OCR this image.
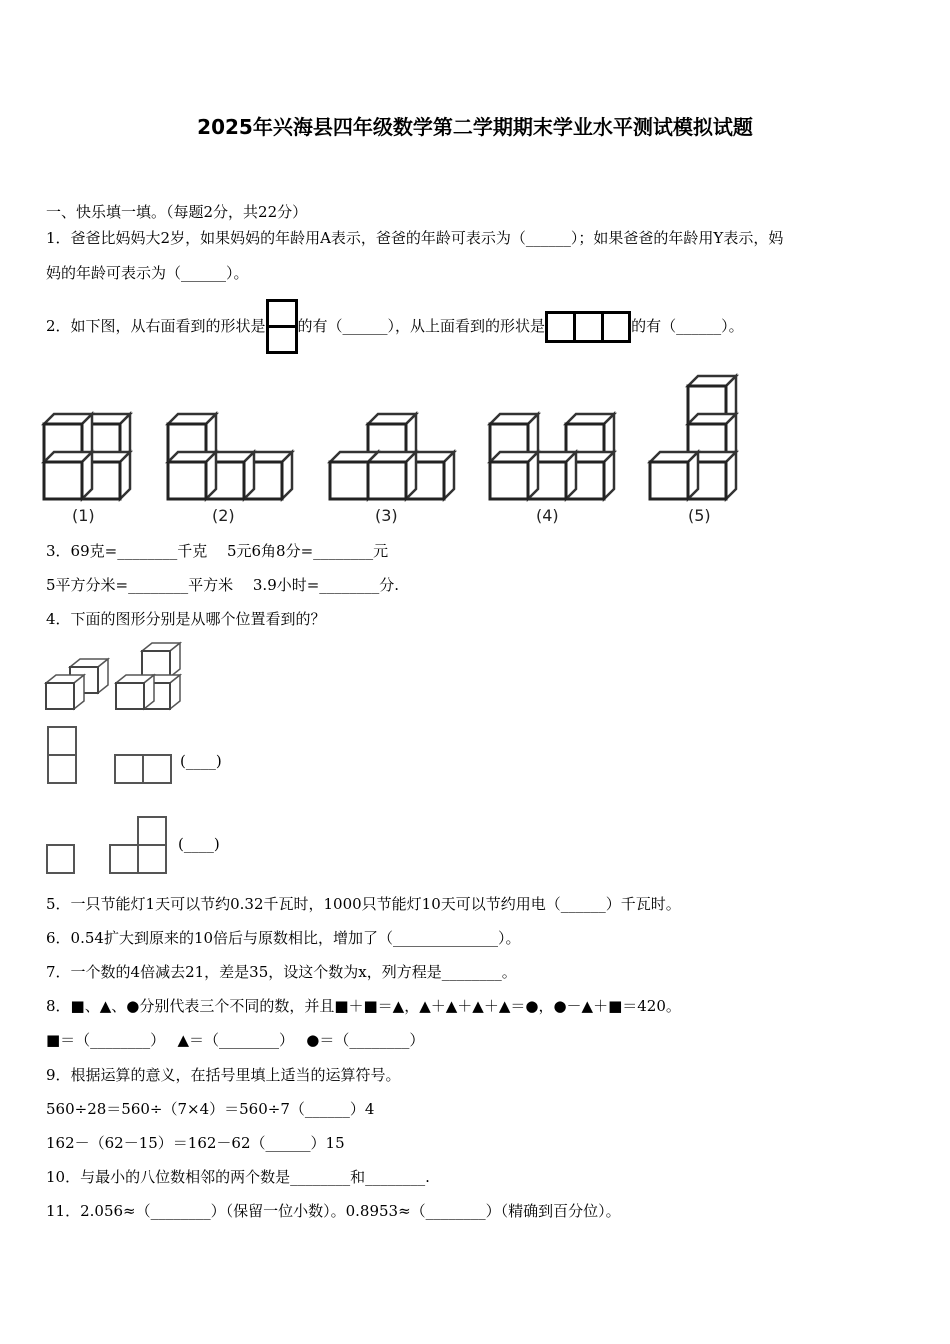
2025年兴海县四年级数学第二学期期末学业水平测试模拟试题
一、快乐填一填。（每题2分，共22分）
1．爸爸比妈妈大2岁，如果妈妈的年龄用A表示，爸爸的年龄可表示为（______）；如果爸爸的年龄用Y表示，妈
妈的年龄可表示为（______）。
2．如下图，从右面看到的形状是 的有（______），从上面看到的形状是	的有（______）。
(1)	(2)	(3)	(4)	(5)
3．69克=________千克　 5元6角8分=________元
5平方分米=________平方米　 3.9小时=________分.
4．下面的图形分别是从哪个位置看到的？
(____)
(____)
5．一只节能灯1天可以节约0.32千瓦时，1000只节能灯10天可以节约用电（______）千瓦时。
6．0.54扩大到原来的10倍后与原数相比，增加了（______________）。
7．一个数的4倍减去21，差是35，设这个数为x，列方程是________。
8．■、▲、●分别代表三个不同的数，并且■＋■＝▲，▲＋▲＋▲＋▲＝●，●－▲＋■＝420。
■＝（________）　 ▲＝（________）　 ●＝（________）
9．根据运算的意义，在括号里填上适当的运算符号。
560÷28＝560÷（7×4）＝560÷7（______）4
162－（62－15）＝162－62（______）15
10．与最小的八位数相邻的两个数是________和________.
11．2.056≈（________）（保留一位小数）。0.8953≈（________）（精确到百分位）。
